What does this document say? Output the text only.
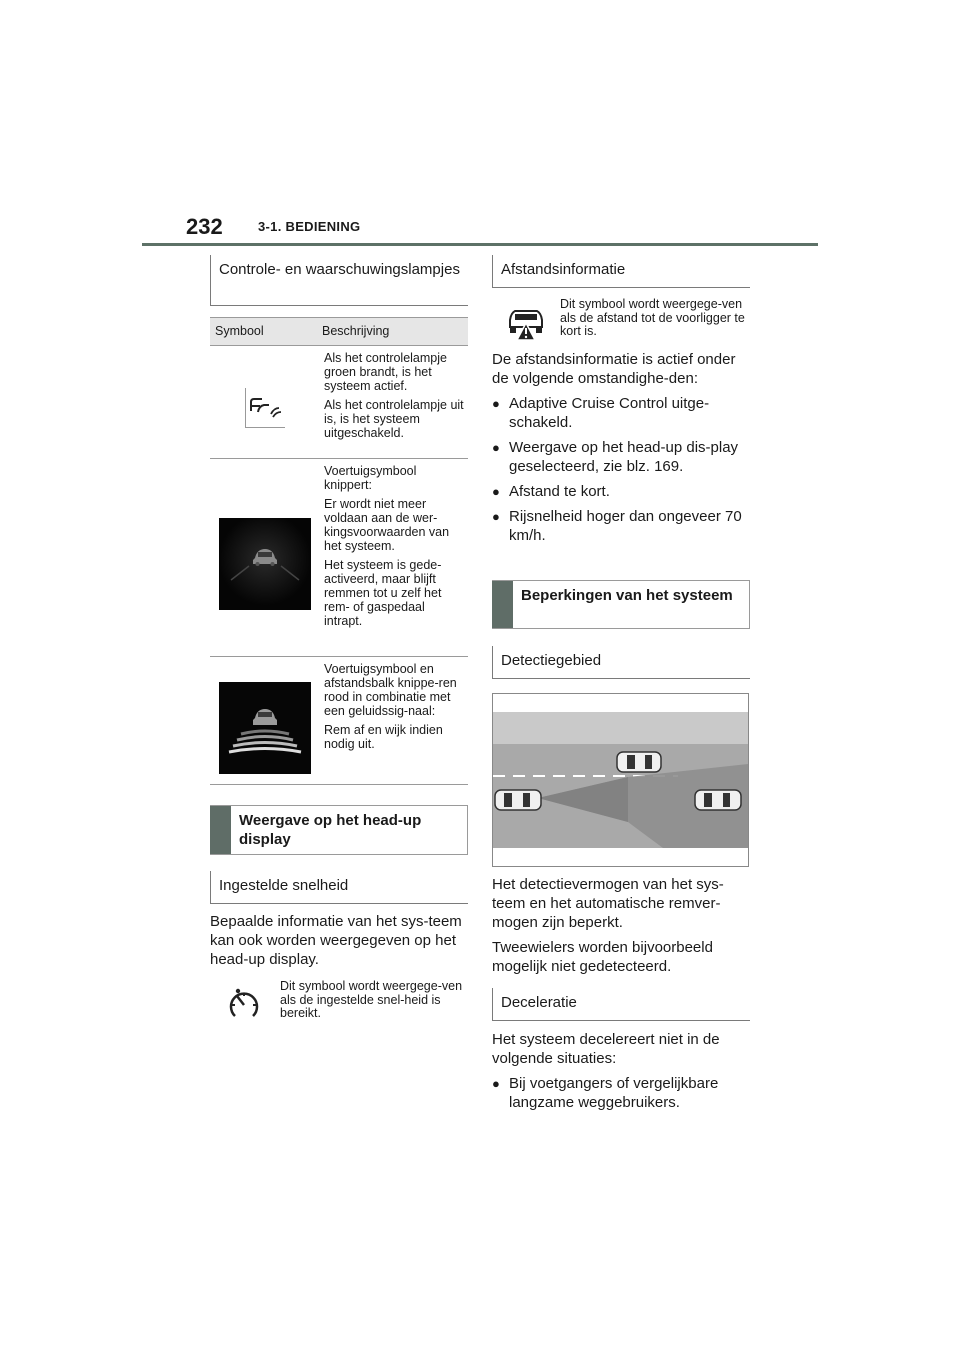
232	3-1. BEDIENING
Controle- en waarschuwingslampjes
Symbool	Beschrijving

Als het controlelampje groen brandt, is het systeem actief.

Als het controlelampje uit is, is het systeem uitgeschakeld.

Voertuigsymbool knippert:

Er wordt niet meer voldaan aan de wer-kingsvoorwaarden van het systeem.

Het systeem is gede-activeerd, maar blijft remmen tot u zelf het rem- of gaspedaal intrapt.

Voertuigsymbool en afstandsbalk knippe-ren rood in combinatie met een geluidssig-naal:

Rem af en wijk indien nodig uit.

Weergave op het head-up display
Ingestelde snelheid
Bepaalde informatie van het sys-teem kan ook worden weergegeven op het head-up display.
Dit symbool wordt weergege-ven als de ingestelde snel-heid is bereikt.
Afstandsinformatie
Dit symbool wordt weergege-ven als de afstand tot de voorligger te kort is.

De afstandsinformatie is actief onder de volgende omstandighe-den:

● Adaptive Cruise Control uitge-schakeld.
● Weergave op het head-up dis-play geselecteerd, zie blz. 169.
● Afstand te kort.
● Rijsnelheid hoger dan ongeveer 70 km/h.
Beperkingen van het systeem
Detectiegebied

Het detectievermogen van het sys-teem en het automatische remver-mogen zijn beperkt.

Tweewielers worden bijvoorbeeld mogelijk niet gedetecteerd.

Deceleratie

Het systeem decelereert niet in de volgende situaties:

● Bij voetgangers of vergelijkbare langzame weggebruikers.
